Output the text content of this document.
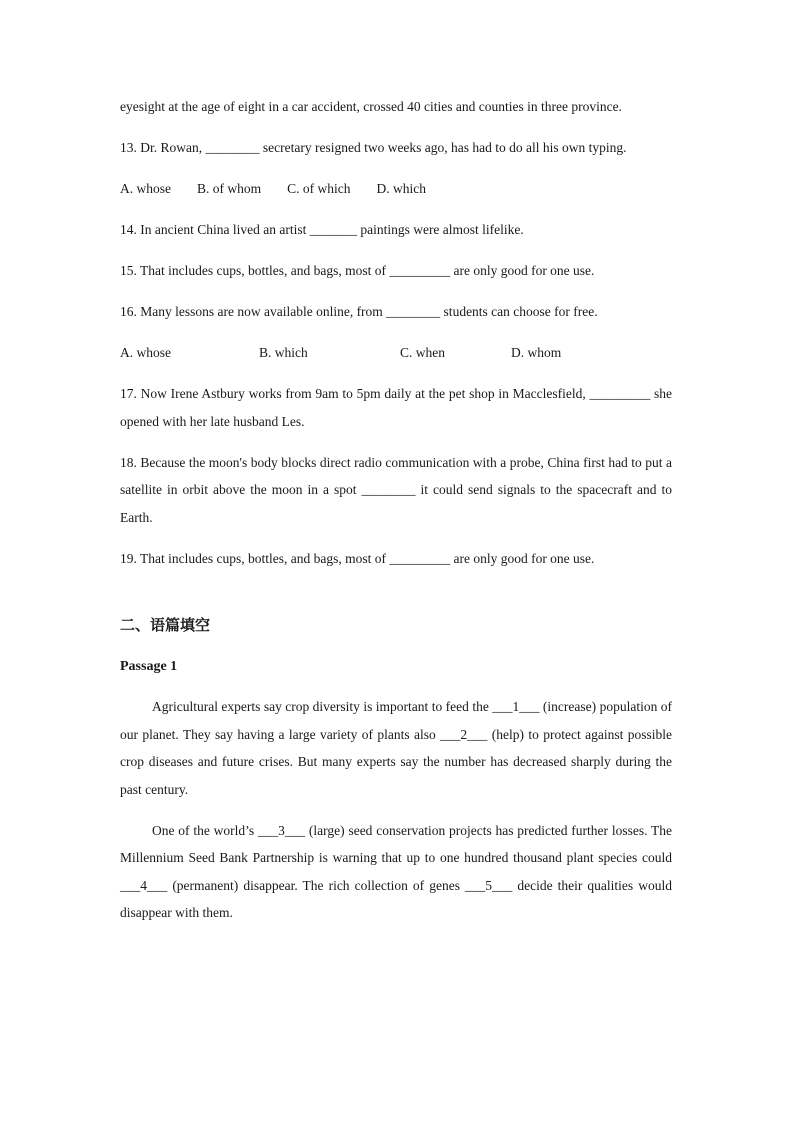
eyesight at the age of eight in a car accident, crossed 40 cities and counties in three province.

13. Dr. Rowan, ________ secretary resigned two weeks ago, has had to do all his own typing.

A. whose B. of whom C. of which D. which

14. In ancient China lived an artist _______ paintings were almost lifelike.

15. That includes cups, bottles, and bags, most of _________ are only good for one use.

16. Many lessons are now available online, from ________ students can choose for free.

A. whose	B. which	C. when	D. whom

17. Now Irene Astbury works from 9am to 5pm daily at the pet shop in Macclesfield, _________ she opened with her late husband Les.

18. Because the moon's body blocks direct radio communication with a probe, China first had to put a satellite in orbit above the moon in a spot ________ it could send signals to the spacecraft and to Earth.

19. That includes cups, bottles, and bags, most of _________ are only good for one use.

二、语篇填空
Passage 1

Agricultural experts say crop diversity is important to feed the ___1___ (increase) population of our planet. They say having a large variety of plants also ___2___ (help) to protect against possible crop diseases and future crises. But many experts say the number has decreased sharply during the past century.

One of the world’s ___3___ (large) seed conservation projects has predicted further losses. The Millennium Seed Bank Partnership is warning that up to one hundred thousand plant species could ___4___ (permanent) disappear. The rich collection of genes ___5___ decide their qualities would disappear with them.
